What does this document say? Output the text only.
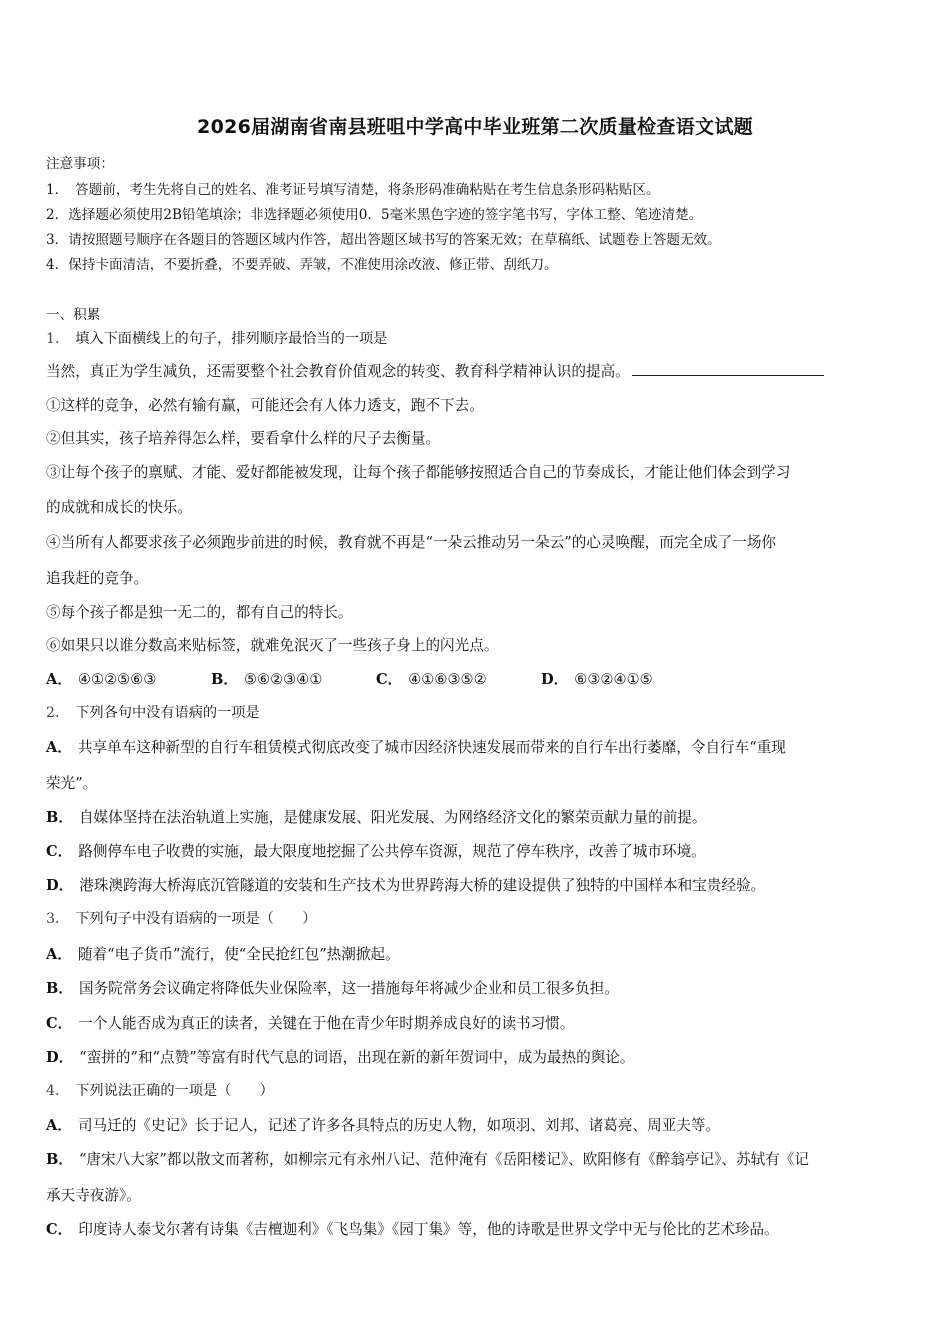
2026届湖南省南县班咀中学高中毕业班第二次质量检查语文试题
注意事项：
1．　答题前，考生先将自己的姓名、准考证号填写清楚，将条形码准确粘贴在考生信息条形码粘贴区。
2．选择题必须使用2B铅笔填涂；非选择题必须使用0．5毫米黑色字迹的签字笔书写，字体工整、笔迹清楚。
3．请按照题号顺序在各题目的答题区域内作答，超出答题区域书写的答案无效；在草稿纸、试题卷上答题无效。
4．保持卡面清洁，不要折叠，不要弄破、弄皱，不准使用涂改液、修正带、刮纸刀。
一、积累
1． 填入下面横线上的句子，排列顺序最恰当的一项是
当然，真正为学生减负，还需要整个社会教育价值观念的转变、教育科学精神认识的提高。
①这样的竞争，必然有输有赢，可能还会有人体力透支，跑不下去。
②但其实，孩子培养得怎么样，要看拿什么样的尺子去衡量。
③让每个孩子的禀赋、才能、爱好都能被发现，让每个孩子都能够按照适合自己的节奏成长，才能让他们体会到学习
的成就和成长的快乐。
④当所有人都要求孩子必须跑步前进的时候，教育就不再是“一朵云推动另一朵云”的心灵唤醒，而完全成了一场你
追我赶的竞争。
⑤每个孩子都是独一无二的，都有自己的特长。
⑥如果只以谁分数高来贴标签，就难免泯灭了一些孩子身上的闪光点。
A． ④①②⑤⑥③	B． ⑤⑥②③④①	C． ④①⑥③⑤②	D． ⑥③②④①⑤
2． 下列各句中没有语病的一项是
A． 共享单车这种新型的自行车租赁模式彻底改变了城市因经济快速发展而带来的自行车出行萎靡，令自行车“重现
荣光”。
B． 自媒体坚持在法治轨道上实施，是健康发展、阳光发展、为网络经济文化的繁荣贡献力量的前提。
C． 路侧停车电子收费的实施，最大限度地挖掘了公共停车资源，规范了停车秩序，改善了城市环境。
D． 港珠澳跨海大桥海底沉管隧道的安装和生产技术为世界跨海大桥的建设提供了独特的中国样本和宝贵经验。
3． 下列句子中没有语病的一项是（　　）
A． 随着“电子货币”流行，使“全民抢红包”热潮掀起。
B． 国务院常务会议确定将降低失业保险率，这一措施每年将减少企业和员工很多负担。
C． 一个人能否成为真正的读者，关键在于他在青少年时期养成良好的读书习惯。
D． “蛮拼的”和“点赞”等富有时代气息的词语，出现在新的新年贺词中，成为最热的舆论。
4． 下列说法正确的一项是（　　）
A． 司马迁的《史记》长于记人，记述了许多各具特点的历史人物，如项羽、刘邦、诸葛亮、周亚夫等。
B． “唐宋八大家”都以散文而著称，如柳宗元有永州八记、范仲淹有《岳阳楼记》、欧阳修有《醉翁亭记》、苏轼有《记
承天寺夜游》。
C． 印度诗人泰戈尔著有诗集《吉檀迦利》《飞鸟集》《园丁集》等，他的诗歌是世界文学中无与伦比的艺术珍品。
